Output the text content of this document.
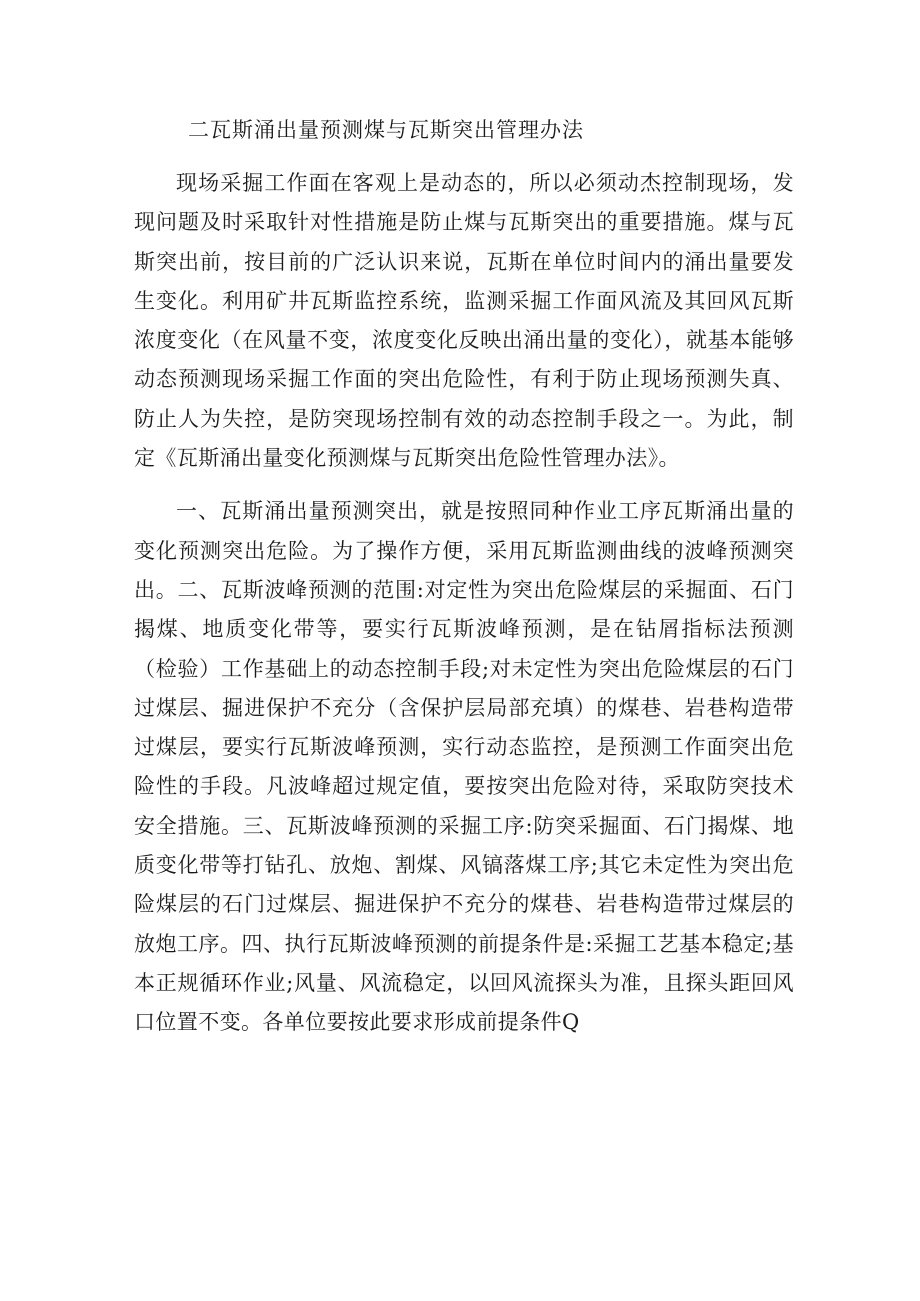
二瓦斯涌出量预测煤与瓦斯突出管理办法

现场采掘工作面在客观上是动态的，所以必须动杰控制现场，发现问题及时采取针对性措施是防止煤与瓦斯突出的重要措施。煤与瓦斯突出前，按目前的广泛认识来说，瓦斯在单位时间内的涌出量要发生变化。利用矿井瓦斯监控系统，监测采掘工作面风流及其回风瓦斯浓度变化（在风量不变，浓度变化反映出涌出量的变化），就基本能够动态预测现场采掘工作面的突出危险性，有利于防止现场预测失真、防止人为失控，是防突现场控制有效的动态控制手段之一。为此，制定《瓦斯涌出量变化预测煤与瓦斯突出危险性管理办法》。

一、瓦斯涌出量预测突出，就是按照同种作业工序瓦斯涌出量的变化预测突出危险。为了操作方便，采用瓦斯监测曲线的波峰预测突出。二、瓦斯波峰预测的范围:对定性为突出危险煤层的采掘面、石门揭煤、地质变化带等，要实行瓦斯波峰预测，是在钻屑指标法预测（检验）工作基础上的动态控制手段;对未定性为突出危险煤层的石门过煤层、掘进保护不充分（含保护层局部充填）的煤巷、岩巷构造带过煤层，要实行瓦斯波峰预测，实行动态监控，是预测工作面突出危险性的手段。凡波峰超过规定值，要按突出危险对待，采取防突技术安全措施。三、瓦斯波峰预测的采掘工序:防突采掘面、石门揭煤、地质变化带等打钻孔、放炮、割煤、风镐落煤工序;其它未定性为突出危险煤层的石门过煤层、掘进保护不充分的煤巷、岩巷构造带过煤层的放炮工序。四、执行瓦斯波峰预测的前提条件是:采掘工艺基本稳定;基本正规循环作业;风量、风流稳定，以回风流探头为准，且探头距回风口位置不变。各单位要按此要求形成前提条件Q
